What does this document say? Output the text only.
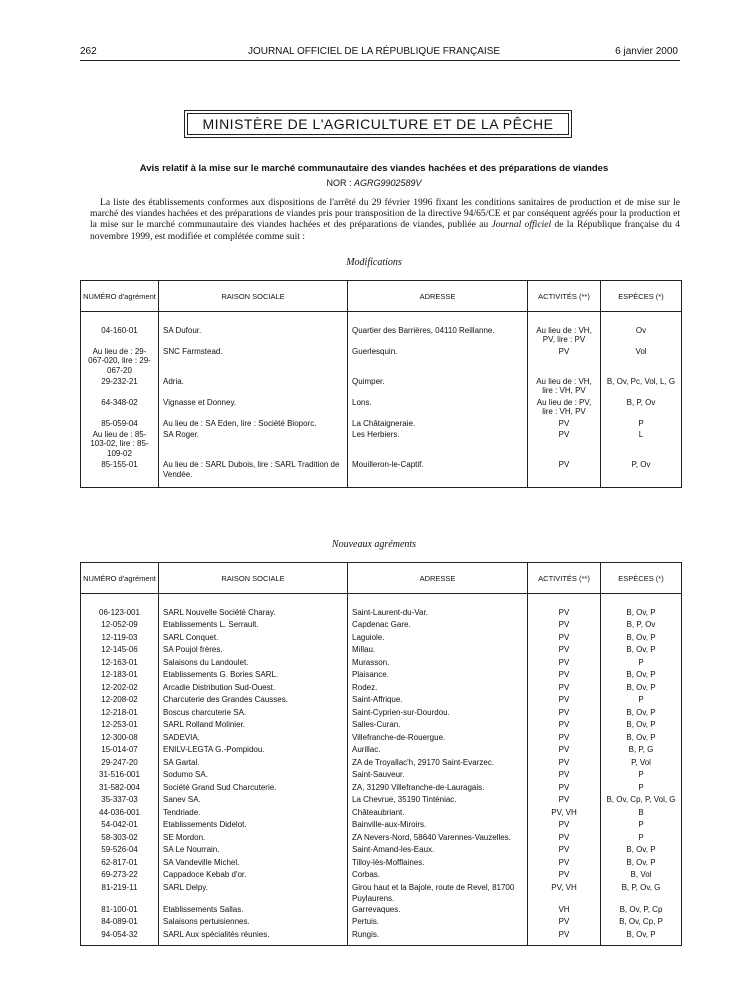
262	JOURNAL OFFICIEL DE LA RÉPUBLIQUE FRANÇAISE	6 janvier 2000
MINISTÈRE DE L'AGRICULTURE ET DE LA PÊCHE
Avis relatif à la mise sur le marché communautaire des viandes hachées et des préparations de viandes
NOR : AGRG9902589V
La liste des établissements conformes aux dispositions de l'arrêté du 29 février 1996 fixant les conditions sanitaires de production et de mise sur le marché des viandes hachées et des préparations de viandes pris pour transposition de la directive 94/65/CE et par conséquent agréés pour la production et la mise sur le marché communautaire des viandes hachées et des préparations de viandes, publiée au Journal officiel de la République française du 4 novembre 1999, est modifiée et complétée comme suit :
Modifications
NUMÉRO d'agrément	RAISON SOCIALE	ADRESSE	ACTIVITÉS (**)	ESPÈCES (*)

04-160-01	SA Dufour.	Quartier des Barrières, 04110 Reillanne.	Au lieu de : VH, PV, lire : PV	Ov
Au lieu de : 29-067-020, lire : 29-067-20	SNC Farmstead.	Guerlesquin.	PV	Vol
29-232-21	Adria.	Quimper.	Au lieu de : VH, lire : VH, PV	B, Ov, Pc, Vol, L, G
64-348-02	Vignasse et Donney.	Lons.	Au lieu de : PV, lire : VH, PV	B, P, Ov
85-059-04	Au lieu de : SA Eden, lire : Société Bioporc.	La Châtaigneraie.	PV	P
Au lieu de : 85-103-02, lire : 85-109-02	SA Roger.	Les Herbiers.	PV	L
85-155-01	Au lieu de : SARL Dubois, lire : SARL Tradition de Vendée.	Mouilleron-le-Captif.	PV	P, Ov

Nouveaux agréments
NUMÉRO d'agrément	RAISON SOCIALE	ADRESSE	ACTIVITÉS (**)	ESPÈCES (*)

06-123-001	SARL Nouvelle Société Charay.	Saint-Laurent-du-Var.	PV	B, Ov, P
12-052-09	Etablissements L. Serrault.	Capdenac Gare.	PV	B, P, Ov
12-119-03	SARL Conquet.	Laguiole.	PV	B, Ov, P
12-145-06	SA Poujol frères.	Millau.	PV	B, Ov, P
12-163-01	Salaisons du Landoulet.	Murasson.	PV	P
12-183-01	Etablissements G. Bories SARL.	Plaisance.	PV	B, Ov, P
12-202-02	Arcadie Distribution Sud-Ouest.	Rodez.	PV	B, Ov, P
12-208-02	Charcuterie des Grandes Causses.	Saint-Affrique.	PV	P
12-218-01	Boscus charcuterie SA.	Saint-Cyprien-sur-Dourdou.	PV	B, Ov, P
12-253-01	SARL Rolland Molinier.	Salles-Curan.	PV	B, Ov, P
12-300-08	SADEVIA.	Villefranche-de-Rouergue.	PV	B, Ov, P
15-014-07	ENILV-LEGTA G.-Pompidou.	Aurillac.	PV	B, P, G
29-247-20	SA Gartal.	ZA de Troyallac'h, 29170 Saint-Evarzec.	PV	P, Vol
31-516-001	Sodumo SA.	Saint-Sauveur.	PV	P
31-582-004	Société Grand Sud Charcuterie.	ZA, 31290 Villefranche-de-Lauragais.	PV	P
35-337-03	Sanev SA.	La Chevrue, 35190 Tinténiac.	PV	B, Ov, Cp, P, Vol, G
44-036-001	Tendriade.	Châteaubriant.	PV, VH	B
54-042-01	Etablissements Didelot.	Bainville-aux-Miroirs.	PV	P
58-303-02	SE Mordon.	ZA Nevers-Nord, 58640 Varennes-Vauzelles.	PV	P
59-526-04	SA Le Nourrain.	Saint-Amand-les-Eaux.	PV	B, Ov, P
62-817-01	SA Vandeville Michel.	Tilloy-lès-Mofflaines.	PV	B, Ov, P
69-273-22	Cappadoce Kebab d'or.	Corbas.	PV	B, Vol
81-219-11	SARL Delpy.	Girou haut et la Bajole, route de Revel, 81700 Puylaurens.	PV, VH	B, P, Ov, G
81-100-01	Etablissements Sallas.	Garrevaques.	VH	B, Ov, P, Cp
84-089-01	Salaisons pertuisiennes.	Pertuis.	PV	B, Ov, Cp, P
94-054-32	SARL Aux spécialités réunies.	Rungis.	PV	B, Ov, P
